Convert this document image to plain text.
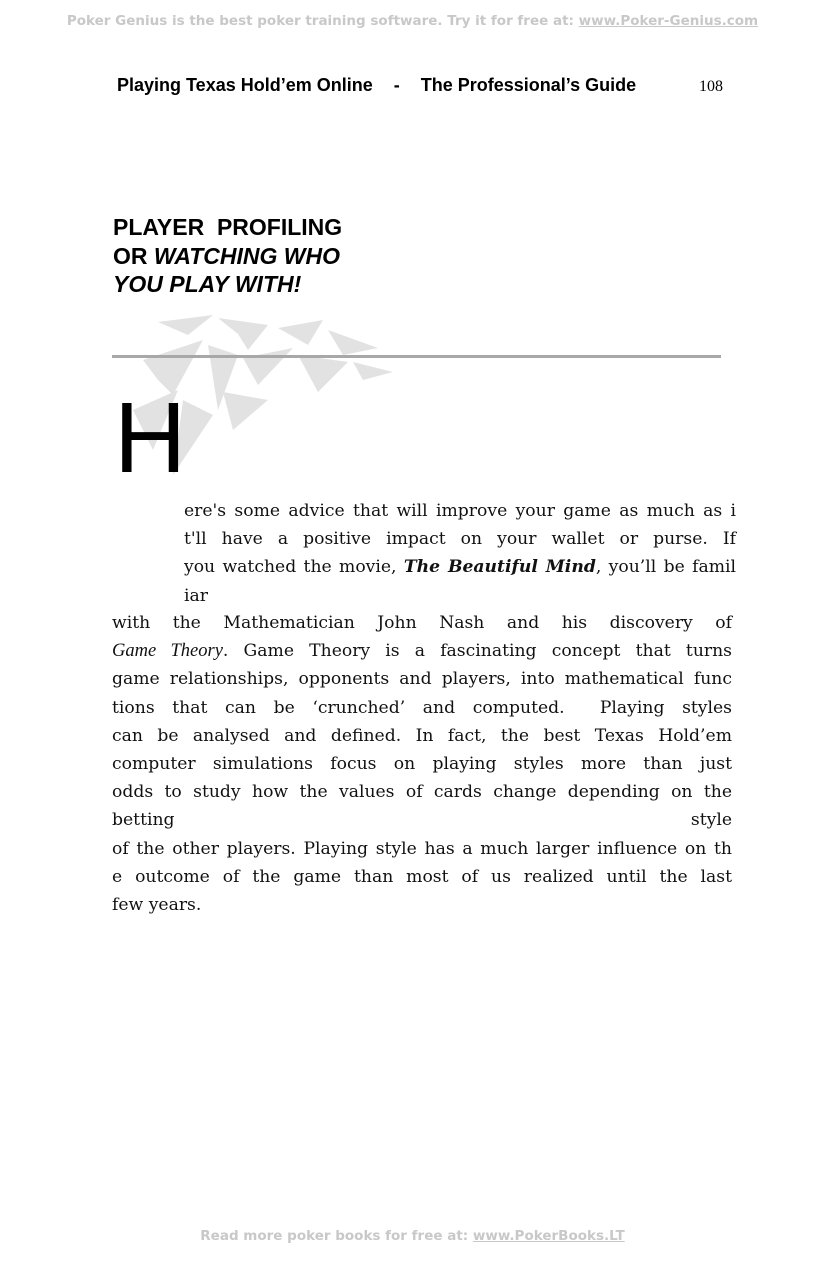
Poker Genius is the best poker training software. Try it for free at: www.Poker-Genius.com
Playing Texas Hold’em Online - The Professional’s Guide	108
PLAYER  PROFILING
OR WATCHING WHO
YOU PLAY WITH!
H
ere's some advice that will improve your game as much as i
t'll have a positive impact on your wallet or purse. If
you watched the movie, The Beautiful Mind, you’ll be famil
iar
with the Mathematician John Nash and his discovery of
Game Theory. Game Theory is a fascinating concept that turns
game relationships, opponents and players, into mathematical func
tions that can be ‘crunched’ and computed.  Playing styles
can be analysed and defined. In fact, the best Texas Hold’em
computer simulations focus on playing styles more than just
odds to study how the values of cards change depending on the
betting style
of the other players. Playing style has a much larger influence on th
e outcome of the game than most of us realized until the last
few years.
Read more poker books for free at: www.PokerBooks.LT
